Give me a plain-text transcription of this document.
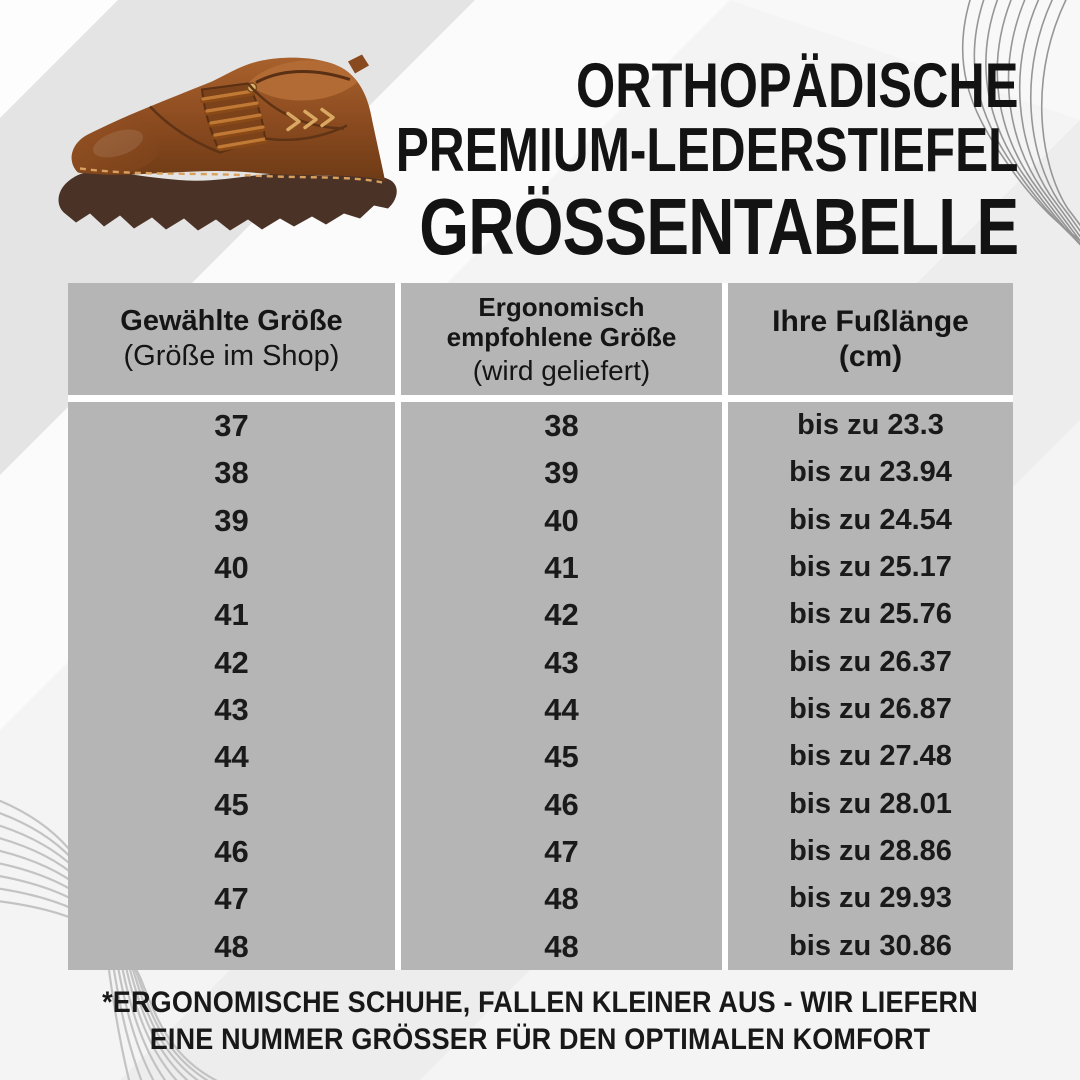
ORTHOPÄDISCHE
PREMIUM-LEDERSTIEFEL
GRÖSSENTABELLE
Gewählte Größe
(Größe im Shop)
Ergonomisch empfohlene Größe
(wird geliefert)
Ihre Fußlänge
(cm)
37
38
39
40
41
42
43
44
45
46
47
48
38
39
40
41
42
43
44
45
46
47
48
48
bis zu 23.3
bis zu 23.94
bis zu 24.54
bis zu 25.17
bis zu 25.76
bis zu 26.37
bis zu 26.87
bis zu 27.48
bis zu 28.01
bis zu 28.86
bis zu 29.93
bis zu 30.86
*ERGONOMISCHE SCHUHE, FALLEN KLEINER AUS - WIR LIEFERN
EINE NUMMER GRÖSSER FÜR DEN OPTIMALEN KOMFORT
